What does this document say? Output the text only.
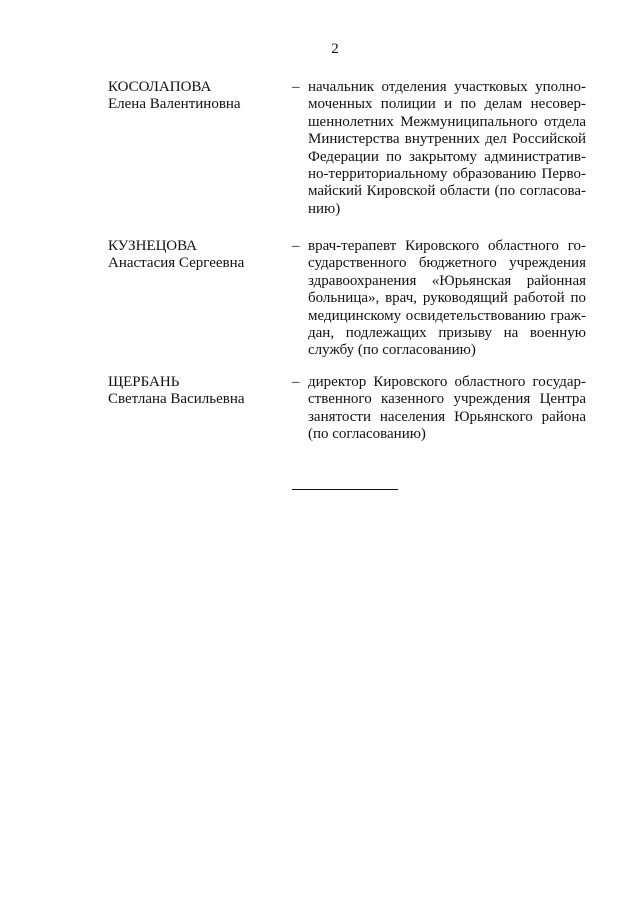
2
КОСОЛАПОВА
Елена Валентиновна
– начальник отделения участковых уполно-
моченных полиции и по делам несовер-
шеннолетних Межмуниципального отдела
Министерства внутренних дел Российской
Федерации по закрытому административ-
но-территориальному образованию Перво-
майский Кировской области (по согласова-
нию)
КУЗНЕЦОВА
Анастасия Сергеевна
– врач-терапевт Кировского областного го-
сударственного бюджетного учреждения
здравоохранения «Юрьянская районная
больница», врач, руководящий работой по
медицинскому освидетельствованию граж-
дан, подлежащих призыву на военную
службу (по согласованию)
ЩЕРБАНЬ
Светлана Васильевна
– директор Кировского областного государ-
ственного казенного учреждения Центра
занятости населения Юрьянского района
(по согласованию)
